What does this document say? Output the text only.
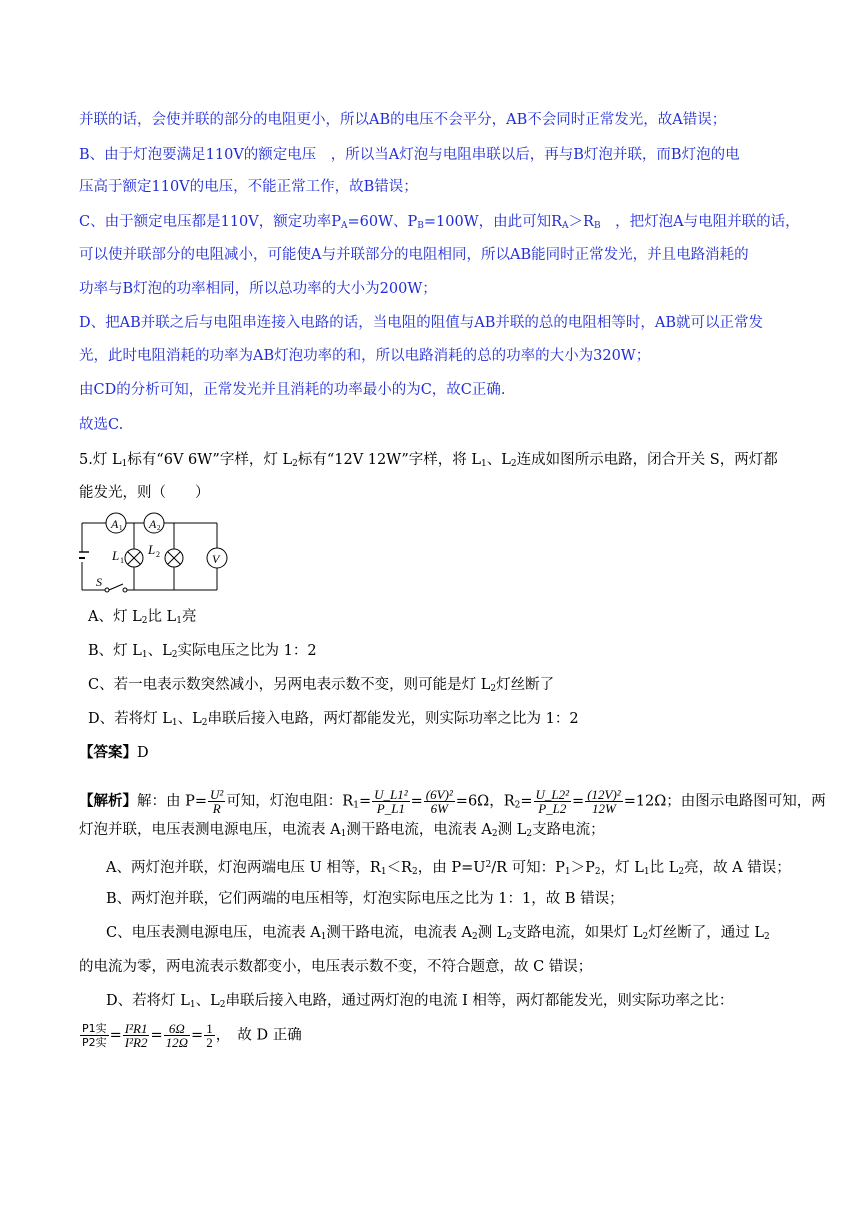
并联的话，会使并联的部分的电阻更小，所以AB的电压不会平分，AB不会同时正常发光，故A错误；
B、由于灯泡要满足110V的额定电压　，所以当A灯泡与电阻串联以后，再与B灯泡并联，而B灯泡的电
压高于额定110V的电压，不能正常工作，故B错误；
C、由于额定电压都是110V，额定功率$P_A=60W$、$P_B=100W$，由此可知$R_A>R_B$　，把灯泡A与电阻并联的话，
可以使并联部分的电阻减小，可能使A与并联部分的电阻相同，所以AB能同时正常发光，并且电路消耗的
功率与B灯泡的功率相同，所以总功率的大小为200W；
D、把AB并联之后与电阻串连接入电路的话，当电阻的阻值与AB并联的总的电阻相等时，AB就可以正常发
光，此时电阻消耗的功率为AB灯泡功率的和，所以电路消耗的总的功率的大小为320W；
由CD的分析可知，正常发光并且消耗的功率最小的为C，故C正确.
故选C.
5.灯 $L_1$标有“6V 6W”字样，灯 $L_2$标有“12V 12W”字样，将 $L_1$、$L_2$连成如图所示电路，闭合开关 S，两灯都
能发光，则（　　）
A 1 A 2
L 1
L 2	V
S
A、灯 $L_2$比 $L_1$亮
B、灯 $L_1$、$L_2$实际电压之比为 1：2
C、若一电表示数突然减小，另两电表示数不变，则可能是灯 $L_2$灯丝断了
D、若将灯 $L_1$、$L_2$串联后接入电路，两灯都能发光，则实际功率之比为 1：2
【答案】D
【解析】解：由 $P= \frac{\text{U²}}{R}$ 可知，灯泡电阻：$R_1= \frac{\text{U\_L1²}}{P\_L1} = \frac{\text{(6V)²}}{6W} =6\Omega$，$R_2= \frac{\text{U\_L2²}}{P\_L2} = \frac{\text{(12V)²}}{12W} =12\Omega$；由图示电路图可知，两
灯泡并联，电压表测电源电压，电流表 $A_1$测干路电流，电流表 $A_2$测 $L_2$支路电流；
A、两灯泡并联，灯泡两端电压 U 相等，$R_1<R_2$，由 $P=U^2/R$ 可知：$P_1>P_2$，灯 $L_1$比 $L_2$亮，故 A 错误；
B、两灯泡并联，它们两端的电压相等，灯泡实际电压之比为 1：1，故 B 错误；
C、电压表测电源电压，电流表 $A_1$测干路电流，电流表 $A_2$测 $L_2$支路电流，如果灯 $L_2$灯丝断了，通过 $L_2$
的电流为零，两电流表示数都变小，电压表示数不变，不符合题意，故 C 错误；
D、若将灯 $L_1$、$L_2$串联后接入电路，通过两灯泡的电流 I 相等，两灯都能发光，则实际功率之比：
$\frac{\text{P1实}}{\text{P2实}} = \frac{\text{I²R1}}{\text{I²R2}} = \frac{6\Omega}{12\Omega} = \frac{1}{2}$ ，　故 D 正确
